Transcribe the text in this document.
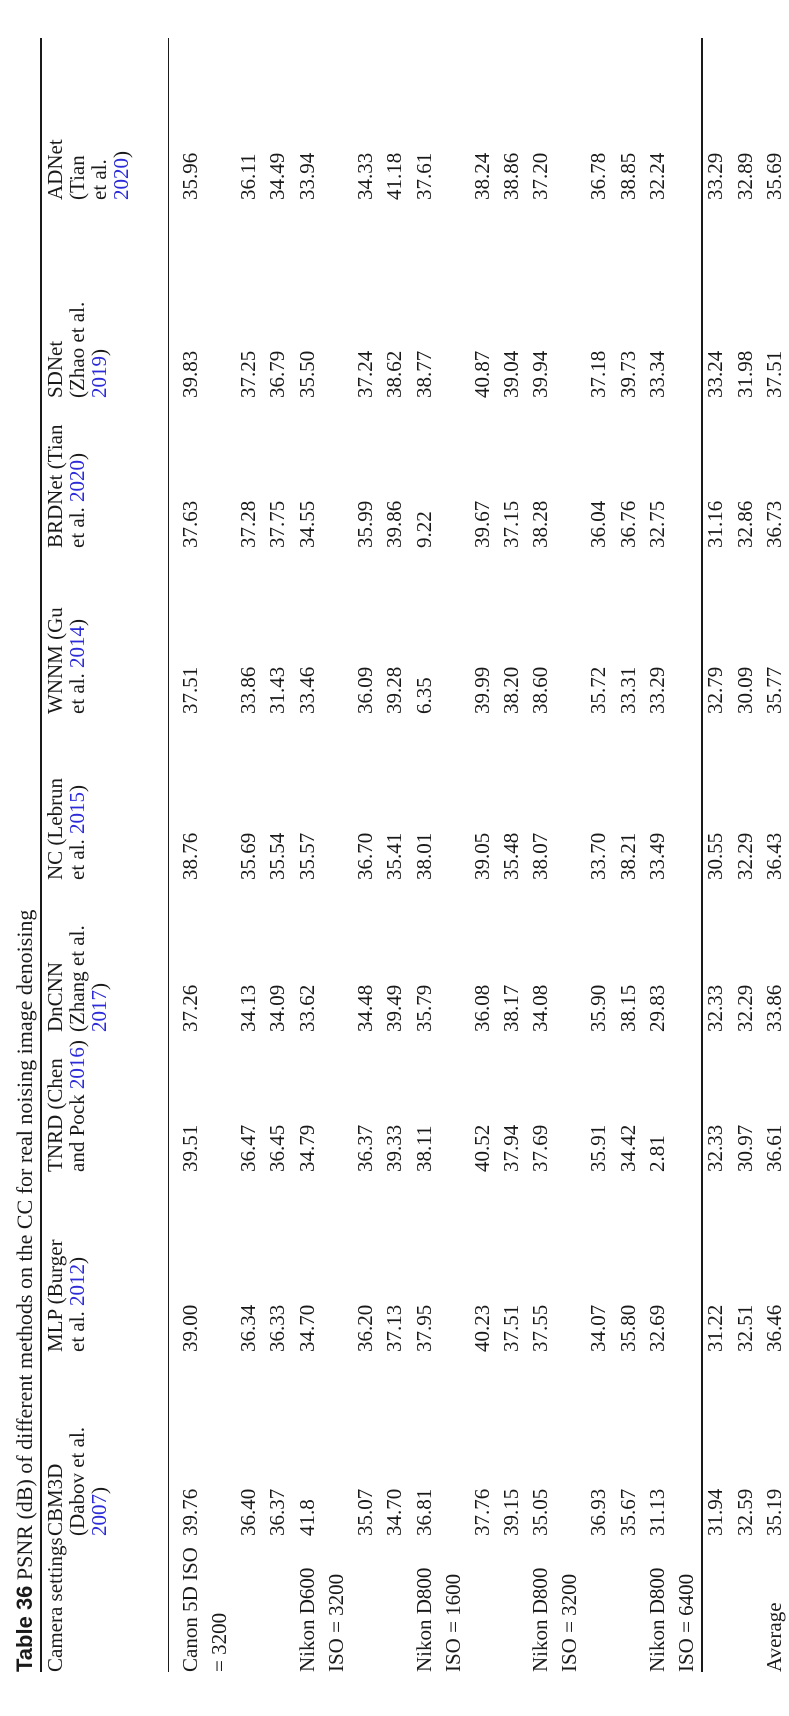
Table 36 PSNR (dB) of different methods on the CC for real noising image denoising
Camera settings	CBM3D
(Dabov et al.
2007)	MLP (Burger
et al. 2012)	TNRD (Chen
and Pock 2016)	DnCNN
(Zhang et al.
2017)	NC (Lebrun
et al. 2015)	WNNM (Gu
et al. 2014)	BRDNet (Tian
et al. 2020)	SDNet
(Zhao et al.
2019)	ADNet
(Tian
et al.
2020)

Canon 5D ISO = 3200	39.76	39.00	39.51	37.26	38.76	37.51	37.63	39.83	35.96
	36.40	36.34	36.47	34.13	35.69	33.86	37.28	37.25	36.11
	36.37	36.33	36.45	34.09	35.54	31.43	37.75	36.79	34.49
Nikon D600 ISO = 3200	41.8	34.70	34.79	33.62	35.57	33.46	34.55	35.50	33.94
	35.07	36.20	36.37	34.48	36.70	36.09	35.99	37.24	34.33
	34.70	37.13	39.33	39.49	35.41	39.28	39.86	38.62	41.18
Nikon D800 ISO = 1600	36.81	37.95	38.11	35.79	38.01	6.35	9.22	38.77	37.61
	37.76	40.23	40.52	36.08	39.05	39.99	39.67	40.87	38.24
	39.15	37.51	37.94	38.17	35.48	38.20	37.15	39.04	38.86
Nikon D800 ISO = 3200	35.05	37.55	37.69	34.08	38.07	38.60	38.28	39.94	37.20
	36.93	34.07	35.91	35.90	33.70	35.72	36.04	37.18	36.78
	35.67	35.80	34.42	38.15	38.21	33.31	36.76	39.73	38.85
Nikon D800 ISO = 6400	31.13	32.69	2.81	29.83	33.49	33.29	32.75	33.34	32.24
	31.94	31.22	32.33	32.33	30.55	32.79	31.16	33.24	33.29
	32.59	32.51	30.97	32.29	32.29	30.09	32.86	31.98	32.89
Average	35.19	36.46	36.61	33.86	36.43	35.77	36.73	37.51	35.69
